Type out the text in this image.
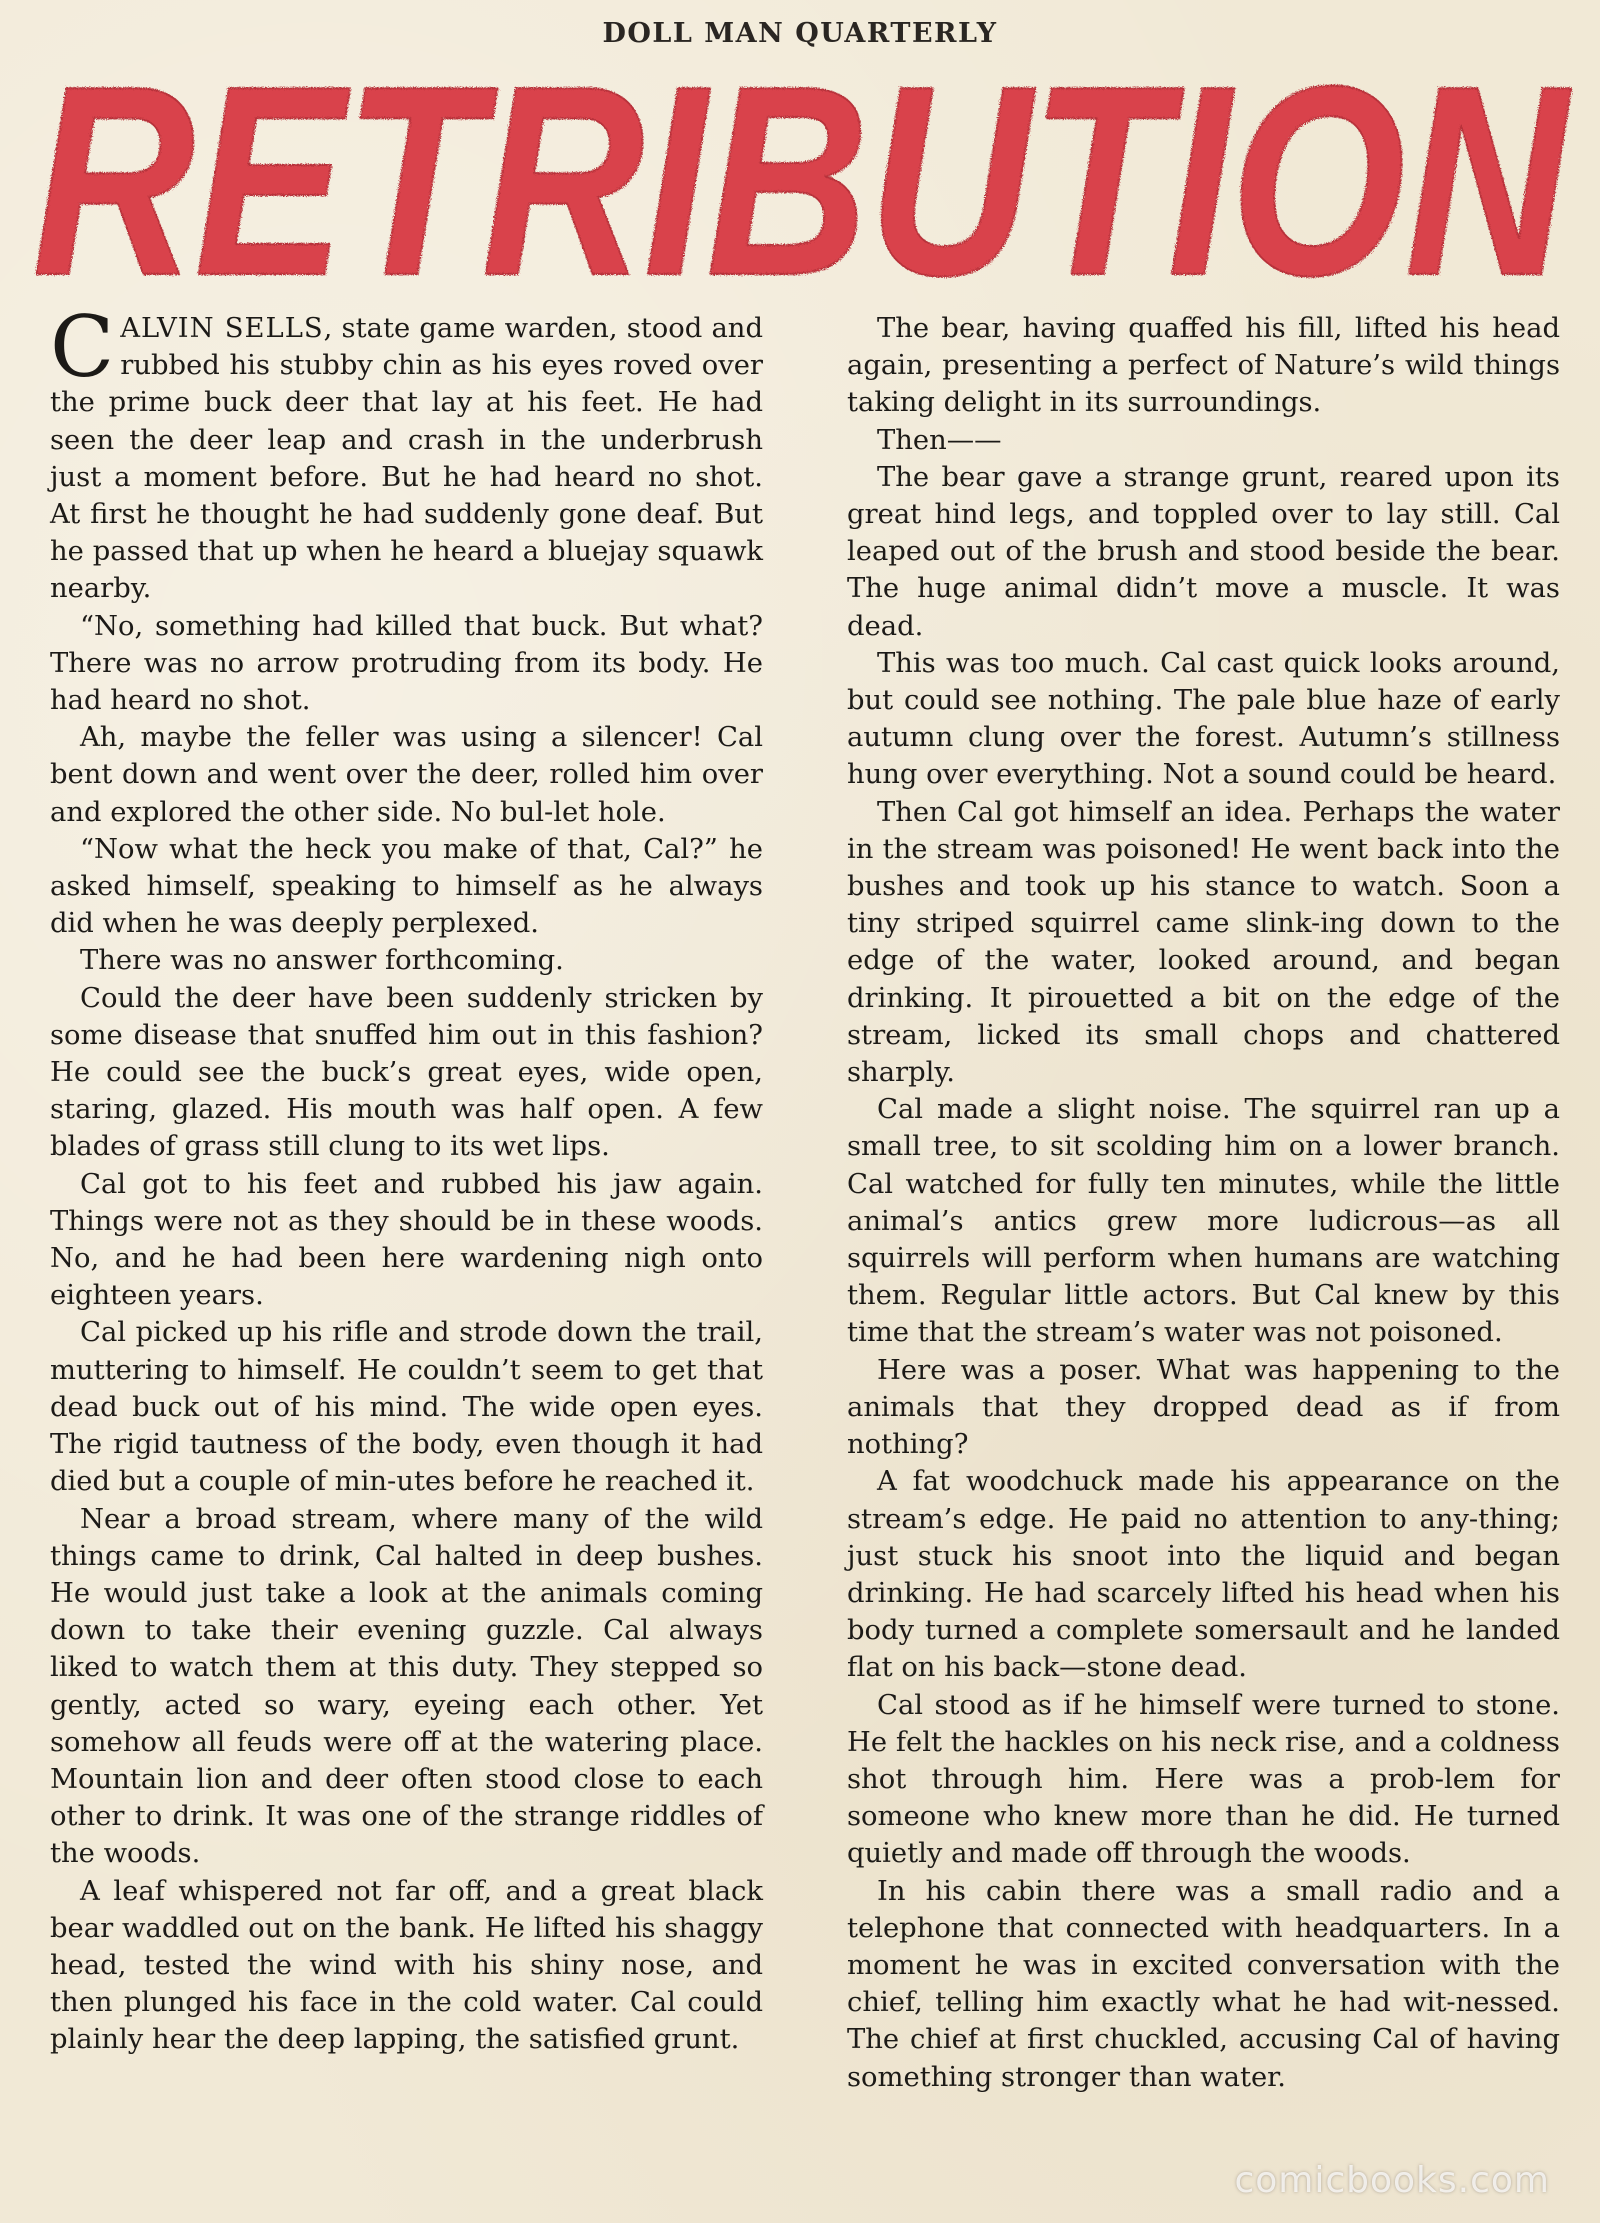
DOLL MAN QUARTERLY
RETRIBUTION

CALVIN SELLS, state game warden, stood and rubbed his stubby chin as his eyes roved over the prime buck deer that lay at his feet. He had seen the deer leap and crash in the underbrush just a moment before. But he had heard no shot. At first he thought he had suddenly gone deaf. But he passed that up when he heard a bluejay squawk nearby.

“No, something had killed that buck. But what? There was no arrow protruding from its body. He had heard no shot.

Ah, maybe the feller was using a silencer! Cal bent down and went over the deer, rolled him over and explored the other side. No bul-let hole.

“Now what the heck you make of that, Cal?” he asked himself, speaking to himself as he always did when he was deeply perplexed.

There was no answer forthcoming.

Could the deer have been suddenly stricken by some disease that snuffed him out in this fashion? He could see the buck’s great eyes, wide open, staring, glazed. His mouth was half open. A few blades of grass still clung to its wet lips.

Cal got to his feet and rubbed his jaw again. Things were not as they should be in these woods. No, and he had been here wardening nigh onto eighteen years.

Cal picked up his rifle and strode down the trail, muttering to himself. He couldn’t seem to get that dead buck out of his mind. The wide open eyes. The rigid tautness of the body, even though it had died but a couple of min-utes before he reached it.

Near a broad stream, where many of the wild things came to drink, Cal halted in deep bushes. He would just take a look at the animals coming down to take their evening guzzle. Cal always liked to watch them at this duty. They stepped so gently, acted so wary, eyeing each other. Yet somehow all feuds were off at the watering place. Mountain lion and deer often stood close to each other to drink. It was one of the strange riddles of the woods.

A leaf whispered not far off, and a great black bear waddled out on the bank. He lifted his shaggy head, tested the wind with his shiny nose, and then plunged his face in the cold water. Cal could plainly hear the deep lapping, the satisfied grunt.

The bear, having quaffed his fill, lifted his head again, presenting a perfect of Nature’s wild things taking delight in its surroundings.

Then——

The bear gave a strange grunt, reared upon its great hind legs, and toppled over to lay still. Cal leaped out of the brush and stood beside the bear. The huge animal didn’t move a muscle. It was dead.

This was too much. Cal cast quick looks around, but could see nothing. The pale blue haze of early autumn clung over the forest. Autumn’s stillness hung over everything. Not a sound could be heard.

Then Cal got himself an idea. Perhaps the water in the stream was poisoned! He went back into the bushes and took up his stance to watch. Soon a tiny striped squirrel came slink-ing down to the edge of the water, looked around, and began drinking. It pirouetted a bit on the edge of the stream, licked its small chops and chattered sharply.

Cal made a slight noise. The squirrel ran up a small tree, to sit scolding him on a lower branch. Cal watched for fully ten minutes, while the little animal’s antics grew more ludicrous—as all squirrels will perform when humans are watching them. Regular little actors. But Cal knew by this time that the stream’s water was not poisoned.

Here was a poser. What was happening to the animals that they dropped dead as if from nothing?

A fat woodchuck made his appearance on the stream’s edge. He paid no attention to any-thing; just stuck his snoot into the liquid and began drinking. He had scarcely lifted his head when his body turned a complete somersault and he landed flat on his back—stone dead.

Cal stood as if he himself were turned to stone. He felt the hackles on his neck rise, and a coldness shot through him. Here was a prob-lem for someone who knew more than he did. He turned quietly and made off through the woods.

In his cabin there was a small radio and a telephone that connected with headquarters. In a moment he was in excited conversation with the chief, telling him exactly what he had wit-nessed. The chief at first chuckled, accusing Cal of having something stronger than water.

comicbooks.com
